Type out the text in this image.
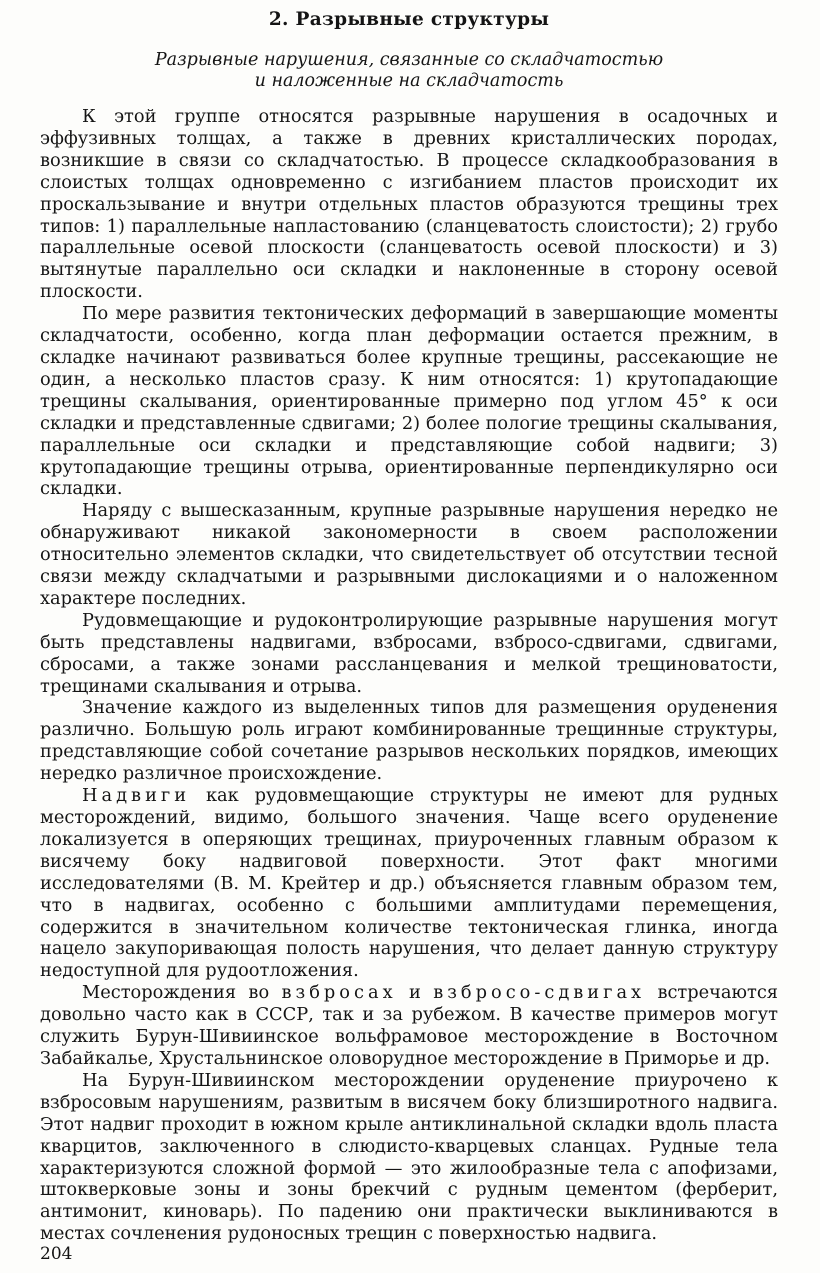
2. Разрывные структуры
Разрывные нарушения, связанные со складчатостью
и наложенные на складчатость

К этой группе относятся разрывные нарушения в осадочных и эффузивных толщах, а также в древних кристаллических породах, возникшие в связи со складчатостью. В процессе складкообразования в слоистых толщах одновременно с изгибанием пластов происходит их проскальзывание и внутри отдельных пластов образуются трещины трех типов: 1) параллельные напластованию (сланцеватость слоистости); 2) грубо параллельные осевой плоскости (сланцеватость осевой плоскости) и 3) вытянутые параллельно оси складки и наклоненные в сторону осевой плоскости.

По мере развития тектонических деформаций в завершающие моменты складчатости, особенно, когда план деформации остается прежним, в складке начинают развиваться более крупные трещины, рассекающие не один, а несколько пластов сразу. К ним относятся: 1) крутопадающие трещины скалывания, ориентированные примерно под углом 45° к оси складки и представленные сдвигами; 2) более пологие трещины скалывания, параллельные оси складки и представляющие собой надвиги; 3) крутопадающие трещины отрыва, ориентированные перпендикулярно оси складки.

Наряду с вышесказанным, крупные разрывные нарушения нередко не обнаруживают никакой закономерности в своем расположении относительно элементов складки, что свидетельствует об отсутствии тесной связи между складчатыми и разрывными дислокациями и о наложенном характере последних.

Рудовмещающие и рудоконтролирующие разрывные нарушения могут быть представлены надвигами, взбросами, взбросо-сдвигами, сдвигами, сбросами, а также зонами рассланцевания и мелкой трещиноватости, трещинами скалывания и отрыва.

Значение каждого из выделенных типов для размещения оруденения различно. Большую роль играют комбинированные трещинные структуры, представляющие собой сочетание разрывов нескольких порядков, имеющих нередко различное происхождение.

Надвиги как рудовмещающие структуры не имеют для рудных месторождений, видимо, большого значения. Чаще всего оруденение локализуется в оперяющих трещинах, приуроченных главным образом к висячему боку надвиговой поверхности. Этот факт многими исследователями (В. М. Крейтер и др.) объясняется главным образом тем, что в надвигах, особенно с большими амплитудами перемещения, содержится в значительном количестве тектоническая глинка, иногда нацело закупоривающая полость нарушения, что делает данную структуру недоступной для рудоотложения.

Месторождения во взбросах и взбросо-сдвигах встречаются довольно часто как в СССР, так и за рубежом. В качестве примеров могут служить Бурун-Шивиинское вольфрамовое месторождение в Восточном Забайкалье, Хрустальнинское оловорудное месторождение в Приморье и др.

На Бурун-Шивиинском месторождении оруденение приурочено к взбросовым нарушениям, развитым в висячем боку близширотного надвига. Этот надвиг проходит в южном крыле антиклинальной складки вдоль пласта кварцитов, заключенного в слюдисто-кварцевых сланцах. Рудные тела характеризуются сложной формой — это жилообразные тела с апофизами, штокверковые зоны и зоны брекчий с рудным цементом (ферберит, антимонит, киноварь). По падению они практически выклиниваются в местах сочленения рудоносных трещин с поверхностью надвига.

204
